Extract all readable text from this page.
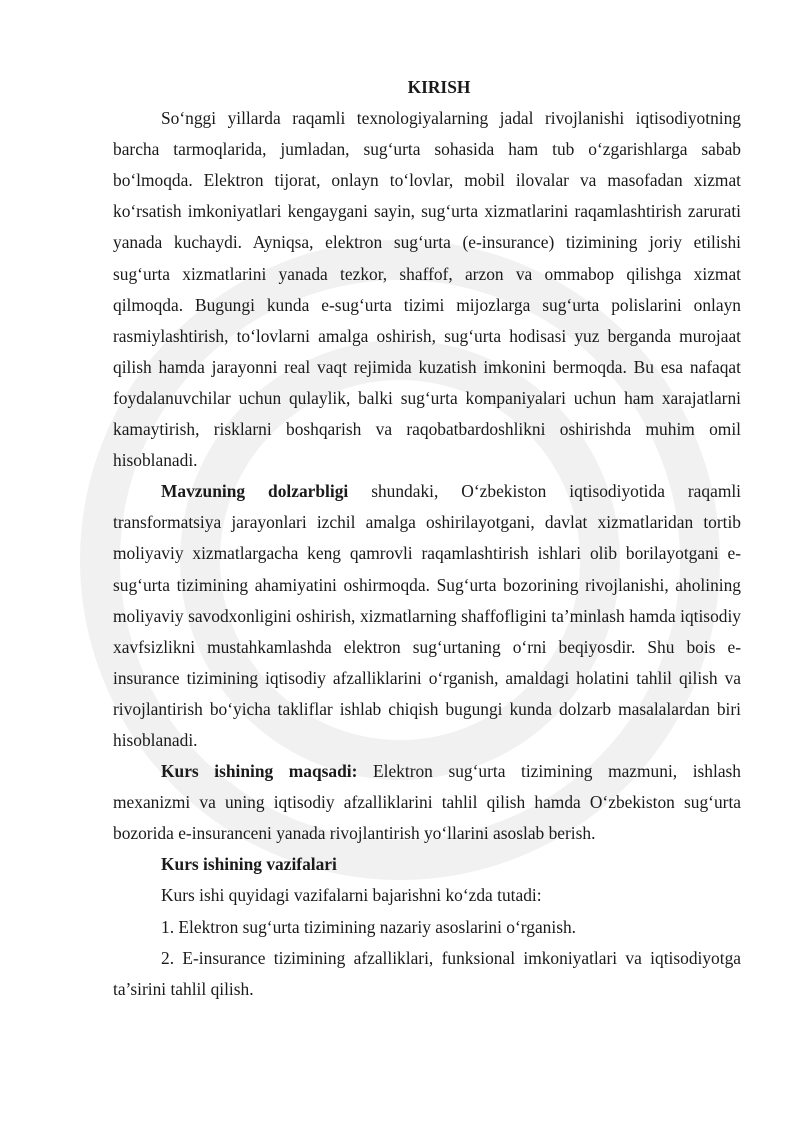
KIRISH

So‘nggi yillarda raqamli texnologiyalarning jadal rivojlanishi iqtisodiyotning barcha tarmoqlarida, jumladan, sug‘urta sohasida ham tub o‘zgarishlarga sabab bo‘lmoqda. Elektron tijorat, onlayn to‘lovlar, mobil ilovalar va masofadan xizmat ko‘rsatish imkoniyatlari kengaygani sayin, sug‘urta xizmatlarini raqamlashtirish zarurati yanada kuchaydi. Ayniqsa, elektron sug‘urta (e-insurance) tizimining joriy etilishi sug‘urta xizmatlarini yanada tezkor, shaffof, arzon va ommabop qilishga xizmat qilmoqda. Bugungi kunda e-sug‘urta tizimi mijozlarga sug‘urta polislarini onlayn rasmiylashtirish, to‘lovlarni amalga oshirish, sug‘urta hodisasi yuz berganda murojaat qilish hamda jarayonni real vaqt rejimida kuzatish imkonini bermoqda. Bu esa nafaqat foydalanuvchilar uchun qulaylik, balki sug‘urta kompaniyalari uchun ham xarajatlarni kamaytirish, risklarni boshqarish va raqobatbardoshlikni oshirishda muhim omil hisoblanadi.

Mavzuning dolzarbligi shundaki, O‘zbekiston iqtisodiyotida raqamli transformatsiya jarayonlari izchil amalga oshirilayotgani, davlat xizmatlaridan tortib moliyaviy xizmatlargacha keng qamrovli raqamlashtirish ishlari olib borilayotgani e-sug‘urta tizimining ahamiyatini oshirmoqda. Sug‘urta bozorining rivojlanishi, aholining moliyaviy savodxonligini oshirish, xizmatlarning shaffofligini ta’minlash hamda iqtisodiy xavfsizlikni mustahkamlashda elektron sug‘urtaning o‘rni beqiyosdir. Shu bois e-insurance tizimining iqtisodiy afzalliklarini o‘rganish, amaldagi holatini tahlil qilish va rivojlantirish bo‘yicha takliflar ishlab chiqish bugungi kunda dolzarb masalalardan biri hisoblanadi.

Kurs ishining maqsadi: Elektron sug‘urta tizimining mazmuni, ishlash mexanizmi va uning iqtisodiy afzalliklarini tahlil qilish hamda O‘zbekiston sug‘urta bozorida e-insuranceni yanada rivojlantirish yo‘llarini asoslab berish.

Kurs ishining vazifalari

Kurs ishi quyidagi vazifalarni bajarishni ko‘zda tutadi:

1. Elektron sug‘urta tizimining nazariy asoslarini o‘rganish.

2. E-insurance tizimining afzalliklari, funksional imkoniyatlari va iqtisodiyotga ta’sirini tahlil qilish.
